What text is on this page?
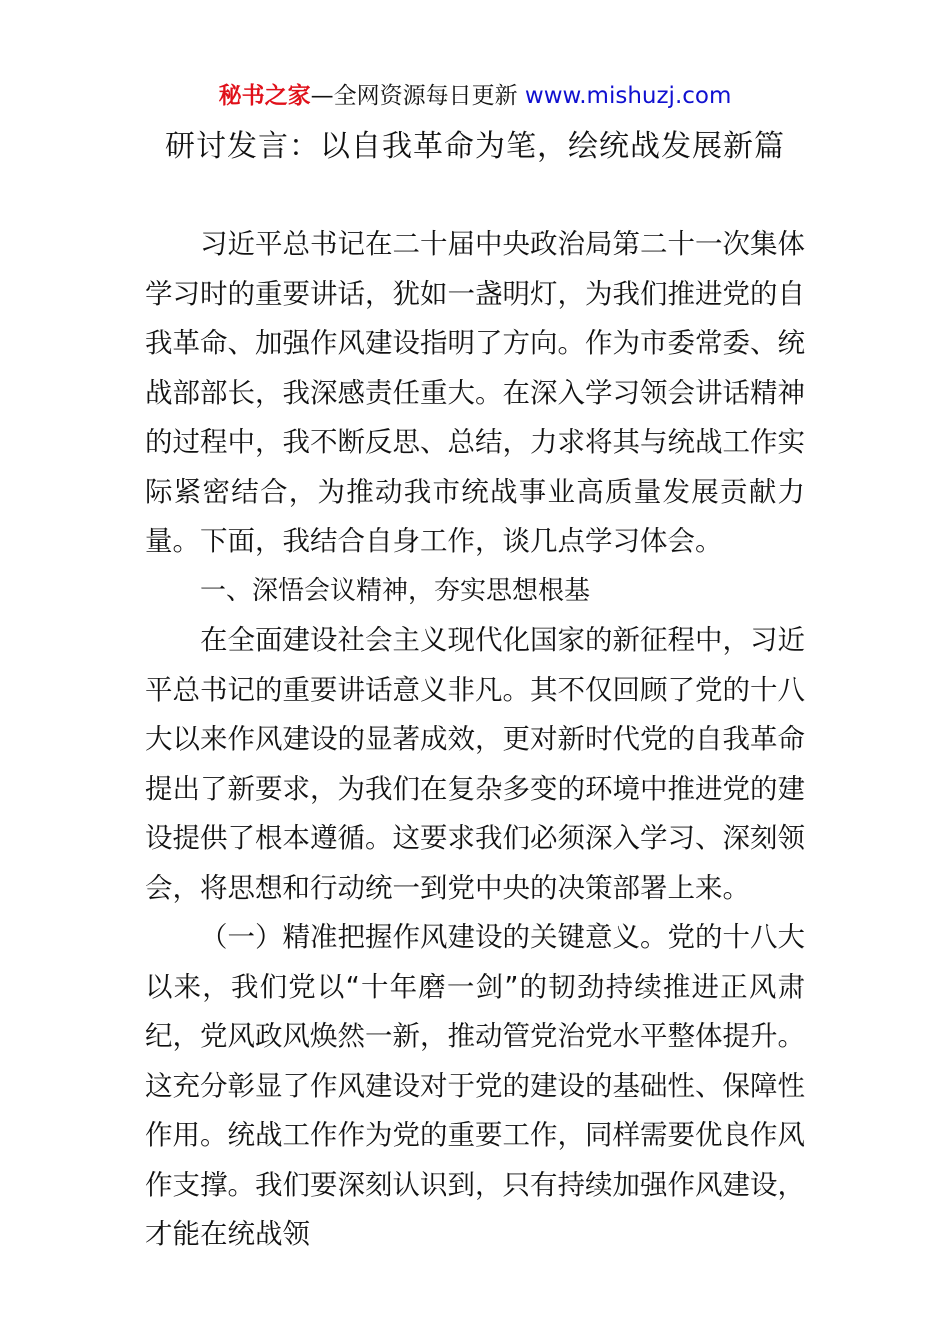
秘书之家—全网资源每日更新 www.mishuzj.com
研讨发言：以自我革命为笔，绘统战发展新篇

习近平总书记在二十届中央政治局第二十一次集体学习时的重要讲话，犹如一盏明灯，为我们推进党的自我革命、加强作风建设指明了方向。作为市委常委、统战部部长，我深感责任重大。在深入学习领会讲话精神的过程中，我不断反思、总结，力求将其与统战工作实际紧密结合，为推动我市统战事业高质量发展贡献力量。下面，我结合自身工作，谈几点学习体会。

一、深悟会议精神，夯实思想根基

在全面建设社会主义现代化国家的新征程中，习近平总书记的重要讲话意义非凡。其不仅回顾了党的十八大以来作风建设的显著成效，更对新时代党的自我革命提出了新要求，为我们在复杂多变的环境中推进党的建设提供了根本遵循。这要求我们必须深入学习、深刻领会，将思想和行动统一到党中央的决策部署上来。

（一）精准把握作风建设的关键意义。党的十八大以来，我们党以“十年磨一剑”的韧劲持续推进正风肃纪，党风政风焕然一新，推动管党治党水平整体提升。这充分彰显了作风建设对于党的建设的基础性、保障性作用。统战工作作为党的重要工作，同样需要优良作风作支撑。我们要深刻认识到，只有持续加强作风建设，才能在统战领
